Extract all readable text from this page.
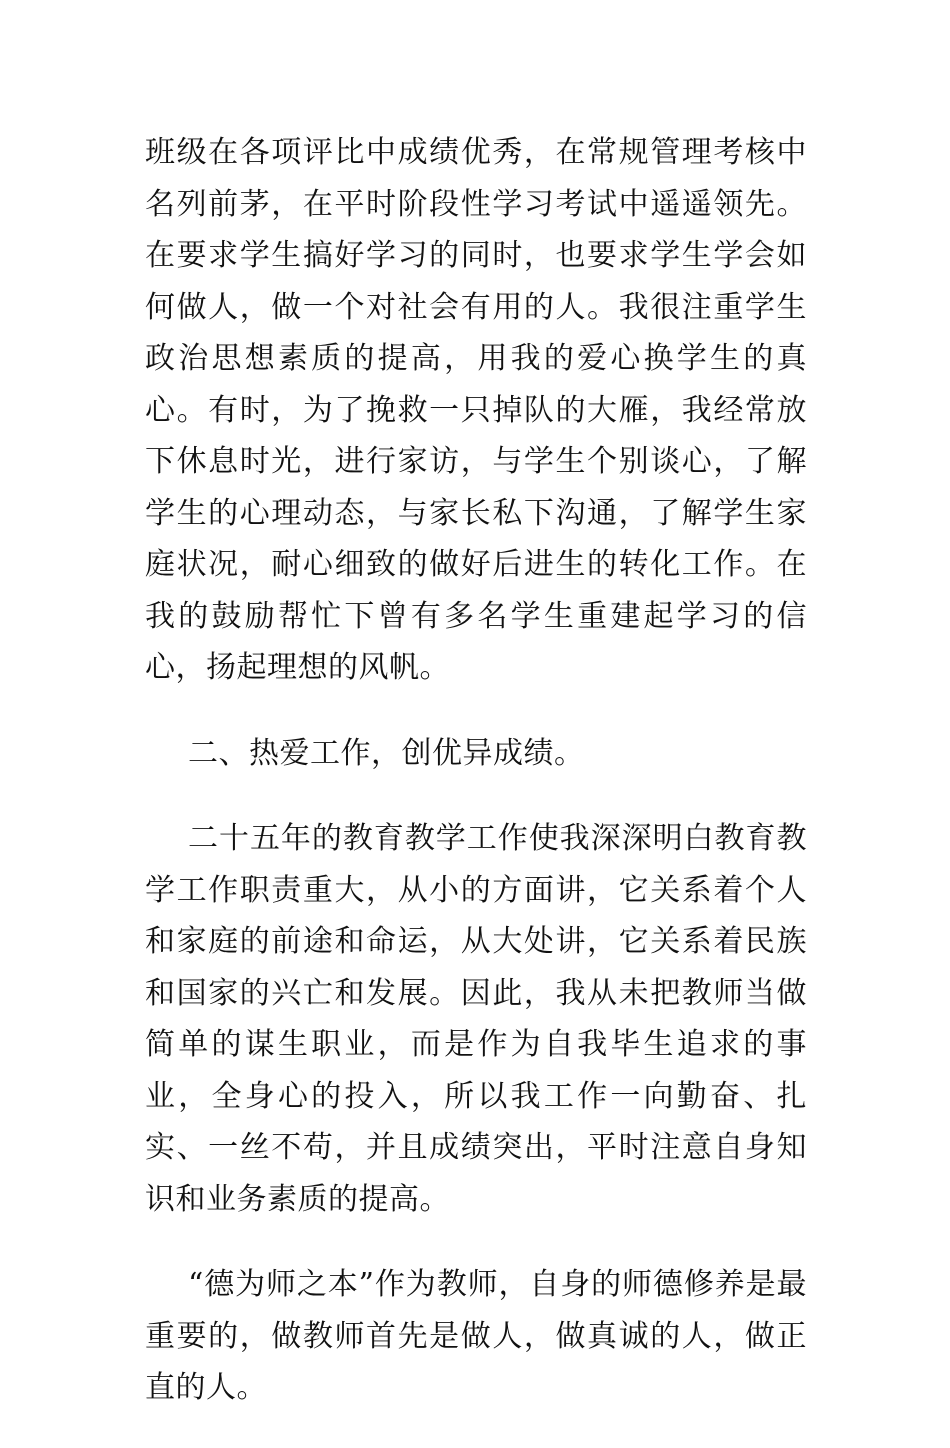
班级在各项评比中成绩优秀，在常规管理考核中名列前茅，在平时阶段性学习考试中遥遥领先。在要求学生搞好学习的同时，也要求学生学会如何做人，做一个对社会有用的人。我很注重学生政治思想素质的提高，用我的爱心换学生的真心。有时，为了挽救一只掉队的大雁，我经常放下休息时光，进行家访，与学生个别谈心，了解学生的心理动态，与家长私下沟通，了解学生家庭状况，耐心细致的做好后进生的转化工作。在我的鼓励帮忙下曾有多名学生重建起学习的信心，扬起理想的风帆。

二、热爱工作，创优异成绩。

二十五年的教育教学工作使我深深明白教育教学工作职责重大，从小的方面讲，它关系着个人和家庭的前途和命运，从大处讲，它关系着民族和国家的兴亡和发展。因此，我从未把教师当做简单的谋生职业，而是作为自我毕生追求的事业，全身心的投入，所以我工作一向勤奋、扎实、一丝不苟，并且成绩突出，平时注意自身知识和业务素质的提高。

“德为师之本”作为教师，自身的师德修养是最重要的，做教师首先是做人，做真诚的人，做正直的人。
